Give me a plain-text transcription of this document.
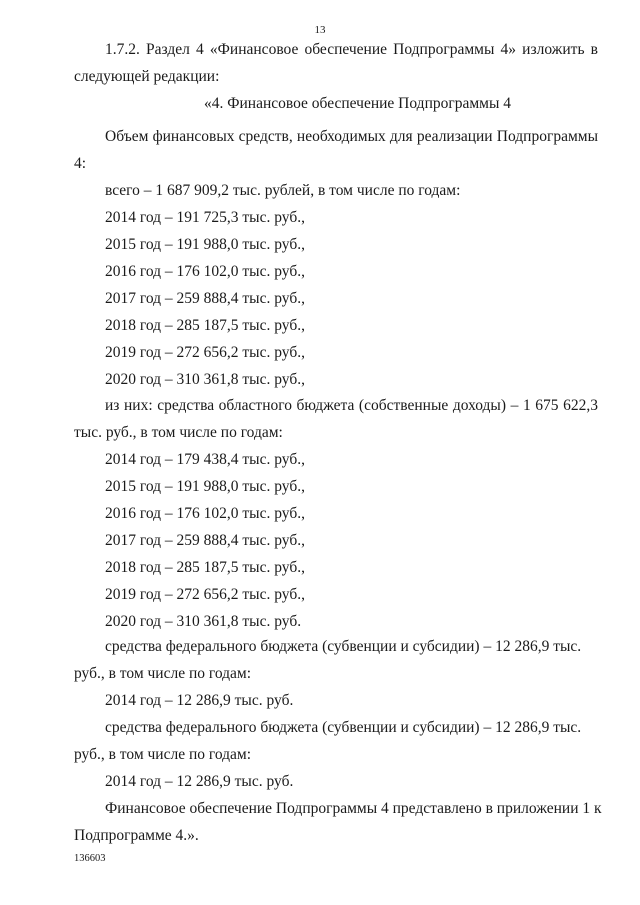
13
1.7.2. Раздел 4 «Финансовое обеспечение Подпрограммы 4» изложить в
следующей редакции:
«4. Финансовое обеспечение Подпрограммы 4
Объем финансовых средств, необходимых для реализации Подпрограммы
4:
всего – 1 687 909,2 тыс. рублей, в том числе по годам:
2014 год – 191 725,3 тыс. руб.,
2015 год – 191 988,0 тыс. руб.,
2016 год – 176 102,0 тыс. руб.,
2017 год – 259 888,4 тыс. руб.,
2018 год – 285 187,5 тыс. руб.,
2019 год – 272 656,2 тыс. руб.,
2020 год – 310 361,8 тыс. руб.,
из них: средства областного бюджета (собственные доходы) – 1 675 622,3
тыс. руб., в том числе по годам:
2014 год – 179 438,4 тыс. руб.,
2015 год – 191 988,0 тыс. руб.,
2016 год – 176 102,0 тыс. руб.,
2017 год – 259 888,4 тыс. руб.,
2018 год – 285 187,5 тыс. руб.,
2019 год – 272 656,2 тыс. руб.,
2020 год – 310 361,8 тыс. руб.
средства федерального бюджета (субвенции и субсидии) – 12 286,9 тыс.
руб., в том числе по годам:
2014 год – 12 286,9 тыс. руб.
средства федерального бюджета (субвенции и субсидии) – 12 286,9 тыс.
руб., в том числе по годам:
2014 год – 12 286,9 тыс. руб.
Финансовое обеспечение Подпрограммы 4 представлено в приложении 1 к
Подпрограмме 4.».
136603
